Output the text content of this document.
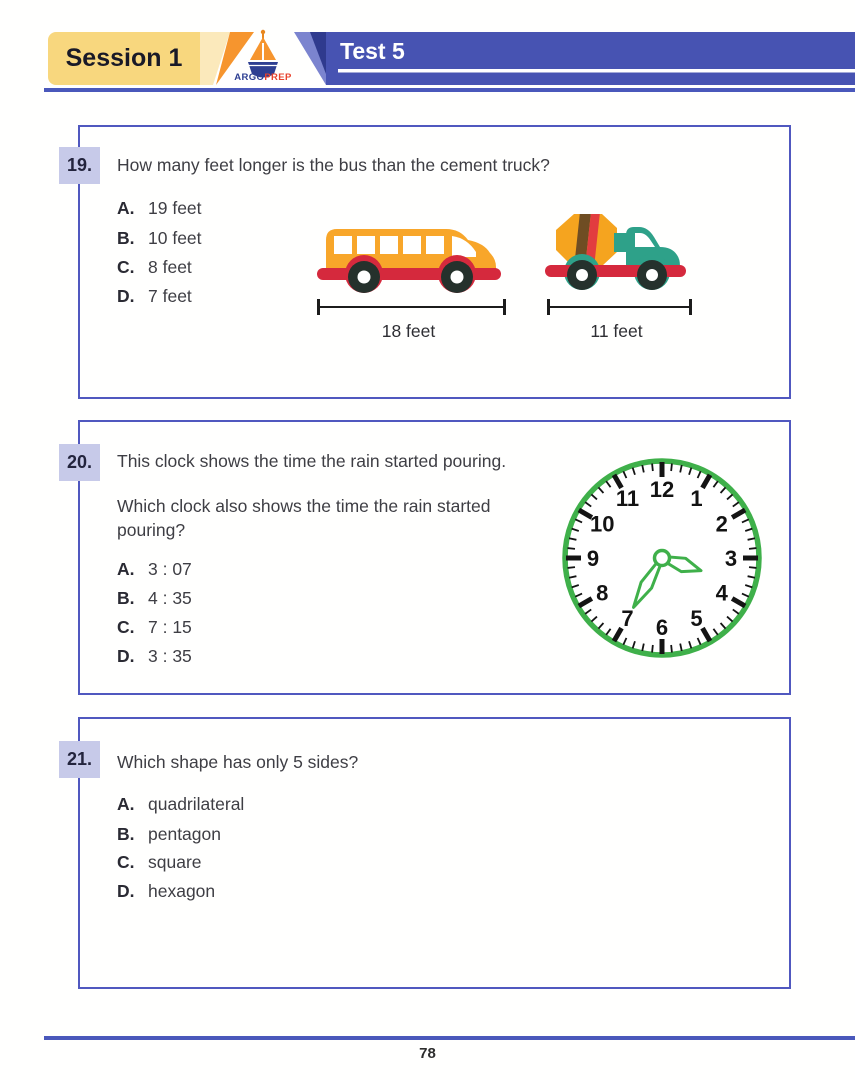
Session 1	Test 5
ARGOPREP
19.	How many feet longer is the bus than the cement truck?
A. 19 feet
B. 10 feet
C. 8 feet
D. 7 feet
18 feet	11 feet
20.	This clock shows the time the rain started pouring.
Which clock also shows the time the rain started pouring?
A. 3 : 07
B. 4 : 35
C. 7 : 15
D. 3 : 35
12 1
2
3
4
5
6
7
8
9
10
11
21.	Which shape has only 5 sides?
A. quadrilateral
B. pentagon
C. square
D. hexagon
78
